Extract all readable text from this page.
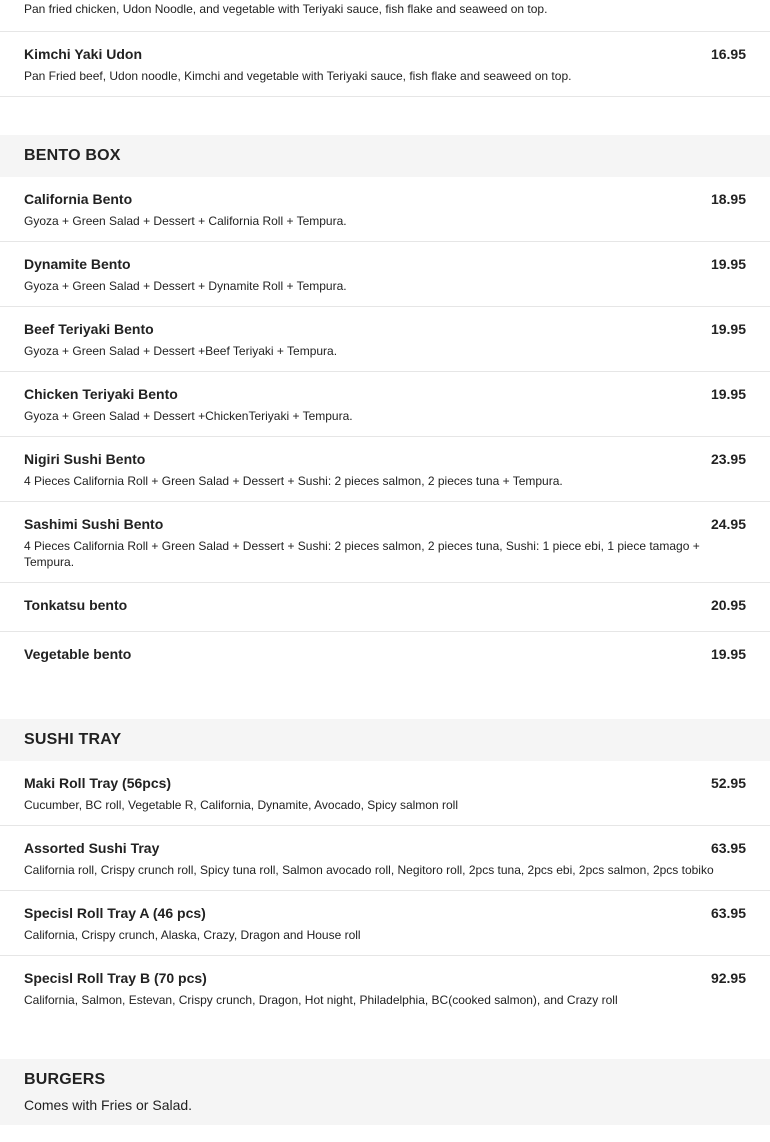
Pan fried chicken, Udon Noodle, and vegetable with Teriyaki sauce, fish flake and seaweed on top.
Kimchi Yaki Udon	16.95
Pan Fried beef, Udon noodle, Kimchi and vegetable with Teriyaki sauce, fish flake and seaweed on top.
BENTO BOX
California Bento	18.95
Gyoza + Green Salad + Dessert + California Roll + Tempura.
Dynamite Bento	19.95
Gyoza + Green Salad + Dessert + Dynamite Roll + Tempura.
Beef Teriyaki Bento	19.95
Gyoza + Green Salad + Dessert +Beef Teriyaki + Tempura.
Chicken Teriyaki Bento	19.95
Gyoza + Green Salad + Dessert +ChickenTeriyaki + Tempura.
Nigiri Sushi Bento	23.95
4 Pieces California Roll + Green Salad + Dessert + Sushi: 2 pieces salmon, 2 pieces tuna + Tempura.
Sashimi Sushi Bento	24.95
4 Pieces California Roll + Green Salad + Dessert + Sushi: 2 pieces salmon, 2 pieces tuna, Sushi: 1 piece ebi, 1 piece tamago + Tempura.
Tonkatsu bento	20.95
Vegetable bento	19.95
SUSHI TRAY
Maki Roll Tray (56pcs)	52.95
Cucumber, BC roll, Vegetable R, California, Dynamite, Avocado, Spicy salmon roll
Assorted Sushi Tray	63.95
California roll, Crispy crunch roll, Spicy tuna roll, Salmon avocado roll, Negitoro roll, 2pcs tuna, 2pcs ebi, 2pcs salmon, 2pcs tobiko
Specisl Roll Tray A (46 pcs)	63.95
California, Crispy crunch, Alaska, Crazy, Dragon and House roll
Specisl Roll Tray B (70 pcs)	92.95
California, Salmon, Estevan, Crispy crunch, Dragon, Hot night, Philadelphia, BC(cooked salmon), and Crazy roll
BURGERS
Comes with Fries or Salad.
